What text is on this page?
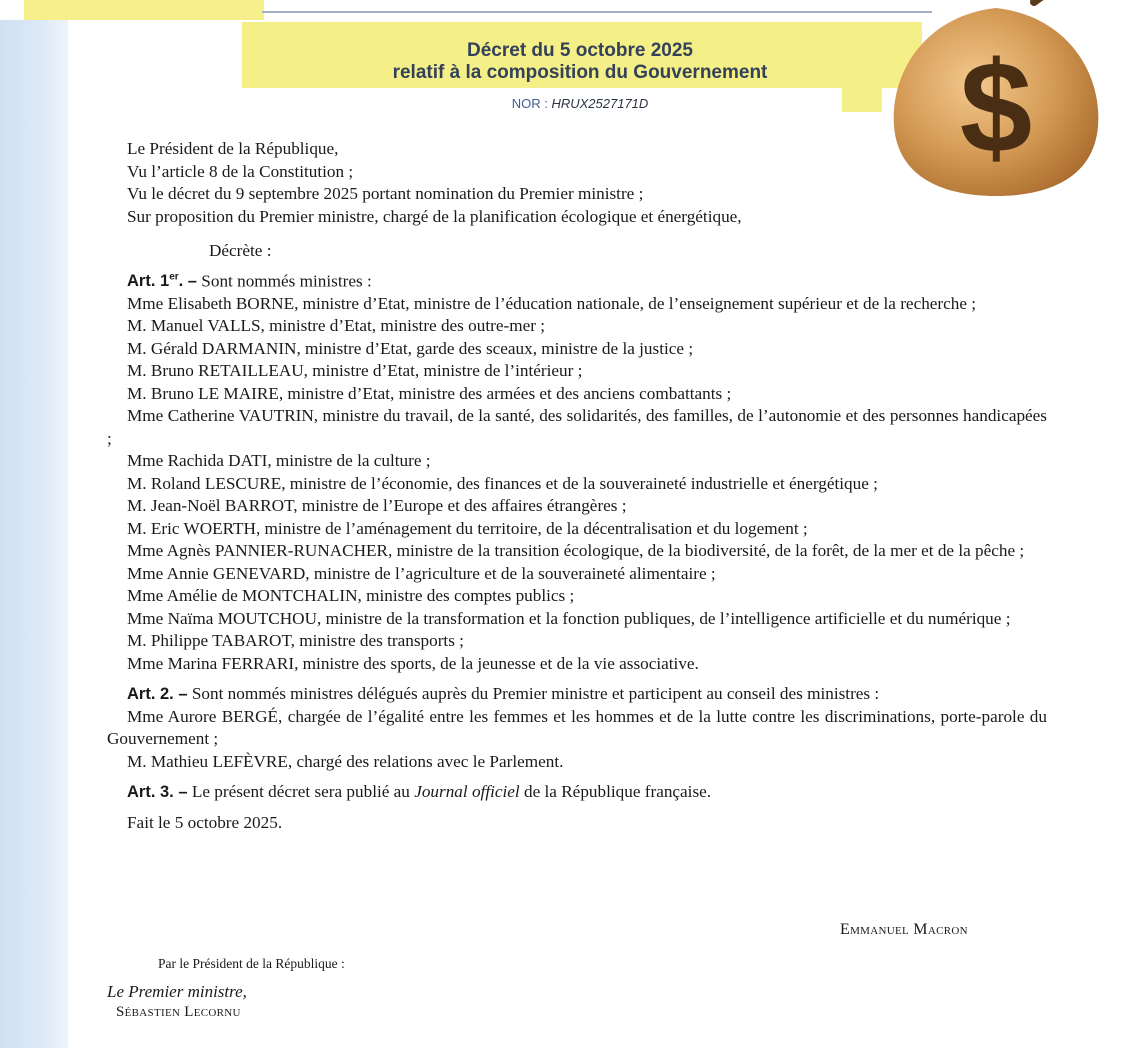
Décret du 5 octobre 2025
relatif à la composition du Gouvernement
NOR : HRUX2527171D

Le Président de la République,

Vu l’article 8 de la Constitution ;

Vu le décret du 9 septembre 2025 portant nomination du Premier ministre ;

Sur proposition du Premier ministre, chargé de la planification écologique et énergétique,

Décrète :

Art. 1er. – Sont nommés ministres :

Mme Elisabeth BORNE, ministre d’Etat, ministre de l’éducation nationale, de l’enseignement supérieur et de la recherche ;

M. Manuel VALLS, ministre d’Etat, ministre des outre-mer ;

M. Gérald DARMANIN, ministre d’Etat, garde des sceaux, ministre de la justice ;

M. Bruno RETAILLEAU, ministre d’Etat, ministre de l’intérieur ;

M. Bruno LE MAIRE, ministre d’Etat, ministre des armées et des anciens combattants ;

Mme Catherine VAUTRIN, ministre du travail, de la santé, des solidarités, des familles, de l’autonomie et des personnes handicapées ;

Mme Rachida DATI, ministre de la culture ;

M. Roland LESCURE, ministre de l’économie, des finances et de la souveraineté industrielle et énergétique ;

M. Jean-Noël BARROT, ministre de l’Europe et des affaires étrangères ;

M. Eric WOERTH, ministre de l’aménagement du territoire, de la décentralisation et du logement ;

Mme Agnès PANNIER-RUNACHER, ministre de la transition écologique, de la biodiversité, de la forêt, de la mer et de la pêche ;

Mme Annie GENEVARD, ministre de l’agriculture et de la souveraineté alimentaire ;

Mme Amélie de MONTCHALIN, ministre des comptes publics ;

Mme Naïma MOUTCHOU, ministre de la transformation et la fonction publiques, de l’intelligence artificielle et du numérique ;

M. Philippe TABAROT, ministre des transports ;

Mme Marina FERRARI, ministre des sports, de la jeunesse et de la vie associative.

Art. 2. – Sont nommés ministres délégués auprès du Premier ministre et participent au conseil des ministres :

Mme Aurore BERGÉ, chargée de l’égalité entre les femmes et les hommes et de la lutte contre les discriminations, porte-parole du Gouvernement ;

M. Mathieu LEFÈVRE, chargé des relations avec le Parlement.

Art. 3. – Le présent décret sera publié au Journal officiel de la République française.

Fait le 5 octobre 2025.

Emmanuel Macron
Par le Président de la République :
Le Premier ministre,
Sébastien Lecornu
$
